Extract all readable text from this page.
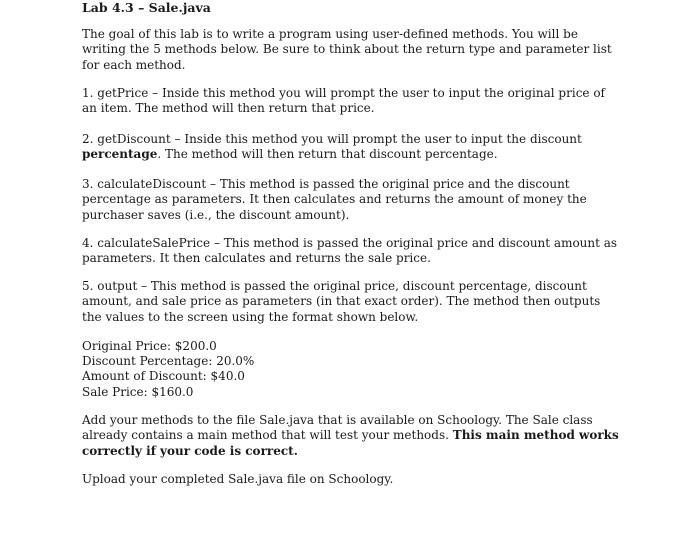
Lab 4.3 – Sale.java

The goal of this lab is to write a program using user-defined methods. You will be writing the 5 methods below. Be sure to think about the return type and parameter list for each method.

1. getPrice – Inside this method you will prompt the user to input the original price of an item. The method will then return that price.

2. getDiscount – Inside this method you will prompt the user to input the discount percentage. The method will then return that discount percentage.

3. calculateDiscount – This method is passed the original price and the discount percentage as parameters. It then calculates and returns the amount of money the purchaser saves (i.e., the discount amount).

4. calculateSalePrice – This method is passed the original price and discount amount as parameters. It then calculates and returns the sale price.

5. output – This method is passed the original price, discount percentage, discount amount, and sale price as parameters (in that exact order). The method then outputs the values to the screen using the format shown below.

Original Price: $200.0
Discount Percentage: 20.0%
Amount of Discount: $40.0
Sale Price: $160.0

Add your methods to the file Sale.java that is available on Schoology. The Sale class already contains a main method that will test your methods. This main method works correctly if your code is correct.

Upload your completed Sale.java file on Schoology.
